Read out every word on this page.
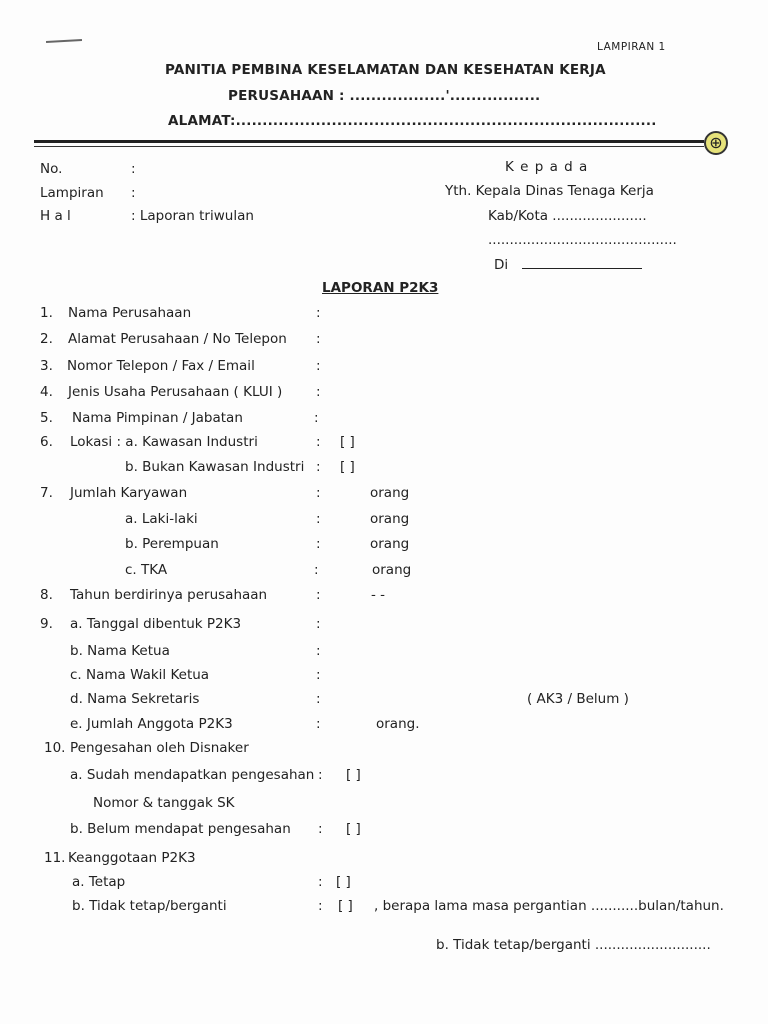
LAMPIRAN 1
PANITIA PEMBINA KESELAMATAN DAN KESEHATAN KERJA
PERUSAHAAN : ..................'.................
ALAMAT:...............................................................................
⊕
No.	:
Lampiran :
H a l	: Laporan triwulan
K e p a d a
Yth. Kepala Dinas Tenaga Kerja
Kab/Kota ......................
............................................
Di
LAPORAN P2K3
1. Nama Perusahaan	:
2. Alamat Perusahaan / No Telepon :
3. Nomor Telepon / Fax / Email	:
4. Jenis Usaha Perusahaan ( KLUI )	:
5. Nama Pimpinan / Jabatan	:
6. Lokasi : a. Kawasan Industri	: [ ]
b. Bukan Kawasan Industri : [ ]
7. Jumlah Karyawan	:	orang
a. Laki-laki	:	orang
b. Perempuan	:	orang
c. TKA	:	orang
8. Tahun berdirinya perusahaan	:	- -
9. a. Tanggal dibentuk P2K3	:
b. Nama Ketua	:
c. Nama Wakil Ketua	:
d. Nama Sekretaris	:	( AK3 / Belum )
e. Jumlah Anggota P2K3	:	orang.
10. Pengesahan oleh Disnaker
a. Sudah mendapatkan pengesahan : [ ]
Nomor & tanggak SK
b. Belum mendapat pengesahan : [ ]
11. Keanggotaan P2K3
a. Tetap	: [ ]
b. Tidak tetap/berganti	: [ ] , berapa lama masa pergantian ...........bulan/tahun.
b. Tidak tetap/berganti ...........................
